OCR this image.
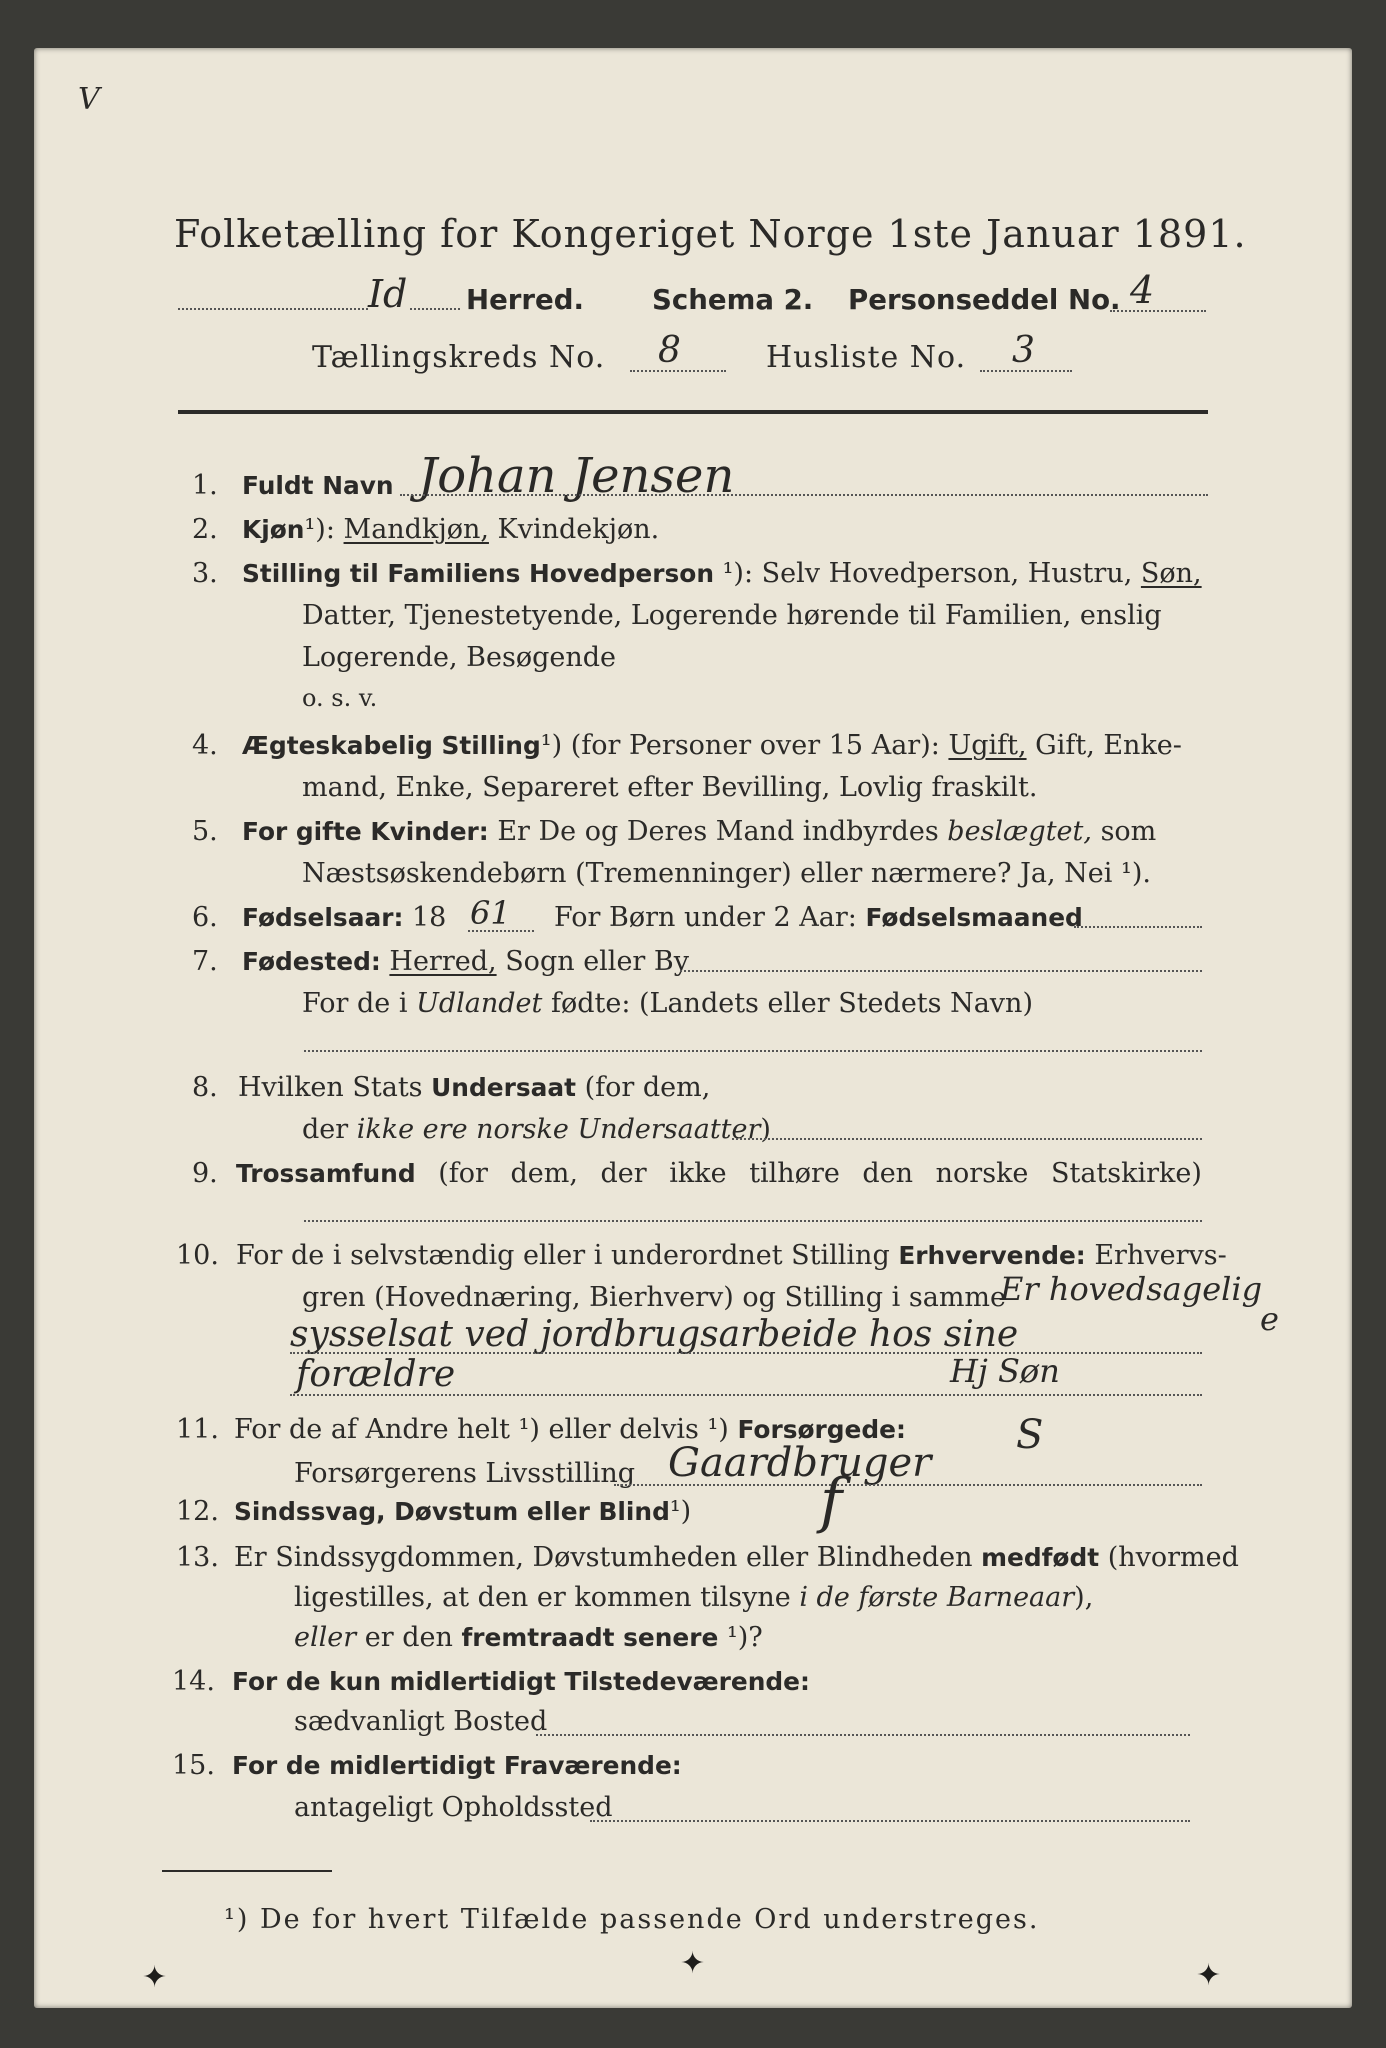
V
Folketælling for Kongeriget Norge 1ste Januar 1891.
Id Herred. Schema 2. Personseddel No. 4
Tællingskreds No. 8	Husliste No. 3
1. Fuldt Navn Johan Jensen
2. Kjøn¹): Mandkjøn, Kvindekjøn.
3. Stilling til Familiens Hovedperson ¹): Selv Hovedperson, Hustru, Søn,
Datter, Tjenestetyende, Logerende hørende til Familien, enslig
Logerende, Besøgende
o. s. v.
4. Ægteskabelig Stilling¹) (for Personer over 15 Aar): Ugift, Gift, Enke-
mand, Enke, Separeret efter Bevilling, Lovlig fraskilt.
5. For gifte Kvinder: Er De og Deres Mand indbyrdes beslægtet, som
Næstsøskendebørn (Tremenninger) eller nærmere? Ja, Nei ¹).
6. Fødselsaar: 18 61 For Børn under 2 Aar: Fødselsmaaned
7. Fødested: Herred, Sogn eller By
For de i Udlandet fødte: (Landets eller Stedets Navn)
8. Hvilken Stats Undersaat (for dem,
der ikke ere norske Undersaatter)
9. Trossamfund (for dem, der ikke tilhøre den norske Statskirke)
10. For de i selvstændig eller i underordnet Stilling Erhvervende: Erhvervs-
gren (Hovednæring, Bierhverv) og Stilling i samme
Er hovedsagelig
e
sysselsat ved jordbrugsarbeide hos sine
forældre	Hj Søn
11. For de af Andre helt ¹) eller delvis ¹) Forsørgede:
Forsørgerens Livsstilling Gaardbruger
S
12. Sindssvag, Døvstum eller Blind¹) f
13. Er Sindssygdommen, Døvstumheden eller Blindheden medfødt (hvormed
ligestilles, at den er kommen tilsyne i de første Barneaar),
eller er den fremtraadt senere ¹)?
14. For de kun midlertidigt Tilstedeværende:
sædvanligt Bosted
15. For de midlertidigt Fraværende:
antageligt Opholdssted
¹) De for hvert Tilfælde passende Ord understreges.
✦	✦	✦
